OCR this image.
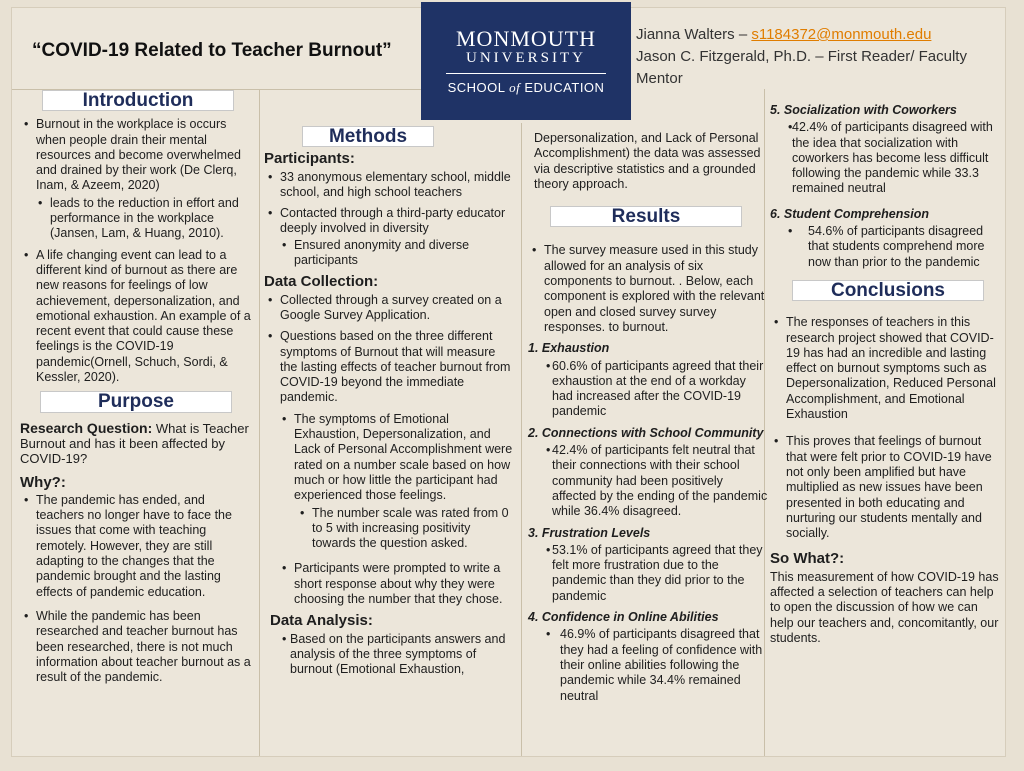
“COVID-19 Related to Teacher Burnout”	MONMOUTH
UNIVERSITY
SCHOOL of EDUCATION
Jianna Walters – s1184372@monmouth.edu
Jason C. Fitzgerald, Ph.D. – First Reader/ Faculty Mentor
Introduction
• Burnout in the workplace is occurs when people drain their mental resources and become overwhelmed and drained by their work (De Clerq, Inam, & Azeem, 2020)
• leads to the reduction in effort and performance in the workplace (Jansen, Lam, & Huang, 2010).
• A life changing event can lead to a different kind of burnout as there are new reasons for feelings of low achievement, depersonalization, and emotional exhaustion. An example of a recent event that could cause these feelings is the COVID-19 pandemic(Ornell, Schuch, Sordi, & Kessler, 2020).
Purpose

Research Question: What is Teacher Burnout and has it been affected by COVID-19?

Why?:
• The pandemic has ended, and teachers no longer have to face the issues that come with teaching remotely. However, they are still adapting to the changes that the pandemic brought and the lasting effects of pandemic education.
• While the pandemic has been researched and teacher burnout has been researched, there is not much information about teacher burnout as a result of the pandemic.
Methods
Participants:
• 33 anonymous elementary school, middle school, and high school teachers
• Contacted through a third-party educator deeply involved in diversity
• Ensured anonymity and diverse participants
Data Collection:
• Collected through a survey created on a Google Survey Application.
• Questions based on the three different symptoms of Burnout that will measure the lasting effects of teacher burnout from COVID-19 beyond the immediate pandemic.
• The symptoms of Emotional Exhaustion, Depersonalization, and Lack of Personal Accomplishment were rated on a number scale based on how much or how little the participant had experienced those feelings.
• The number scale was rated from 0 to 5 with increasing positivity towards the question asked.
• Participants were prompted to write a short response about why they were choosing the number that they chose.
Data Analysis:
• Based on the participants answers and analysis of the three symptoms of burnout (Emotional Exhaustion,

Depersonalization, and Lack of Personal Accomplishment) the data was assessed via descriptive statistics and a grounded theory approach.

Results
• The survey measure used in this study allowed for an analysis of six components to burnout. . Below, each component is explored with the relevant open and closed survey survey responses. to burnout.
1. Exhaustion
• 60.6% of participants agreed that their exhaustion at the end of a workday had increased after the COVID-19 pandemic
2. Connections with School Community
• 42.4% of participants felt neutral that their connections with their school community had been positively affected by the ending of the pandemic while 36.4% disagreed.
3. Frustration Levels
• 53.1% of participants agreed that they felt more frustration due to the pandemic than they did prior to the pandemic
4. Confidence in Online Abilities
• 46.9% of participants disagreed that they had a feeling of confidence with their online abilities following the pandemic while 34.4% remained neutral
5. Socialization with Coworkers
• 42.4% of participants disagreed with the idea that socialization with coworkers has become less difficult following the pandemic while 33.3 remained neutral
6. Student Comprehension
• 54.6% of participants disagreed that students comprehend more now than prior to the pandemic
Conclusions
• The responses of teachers in this research project showed that COVID-19 has had an incredible and lasting effect on burnout symptoms such as Depersonalization, Reduced Personal Accomplishment, and Emotional Exhaustion
• This proves that feelings of burnout that were felt prior to COVID-19 have not only been amplified but have multiplied as new issues have been presented in both educating and nurturing our students mentally and socially.
So What?:

This measurement of how COVID-19 has affected a selection of teachers can help to open the discussion of how we can help our teachers and, concomitantly, our students.
